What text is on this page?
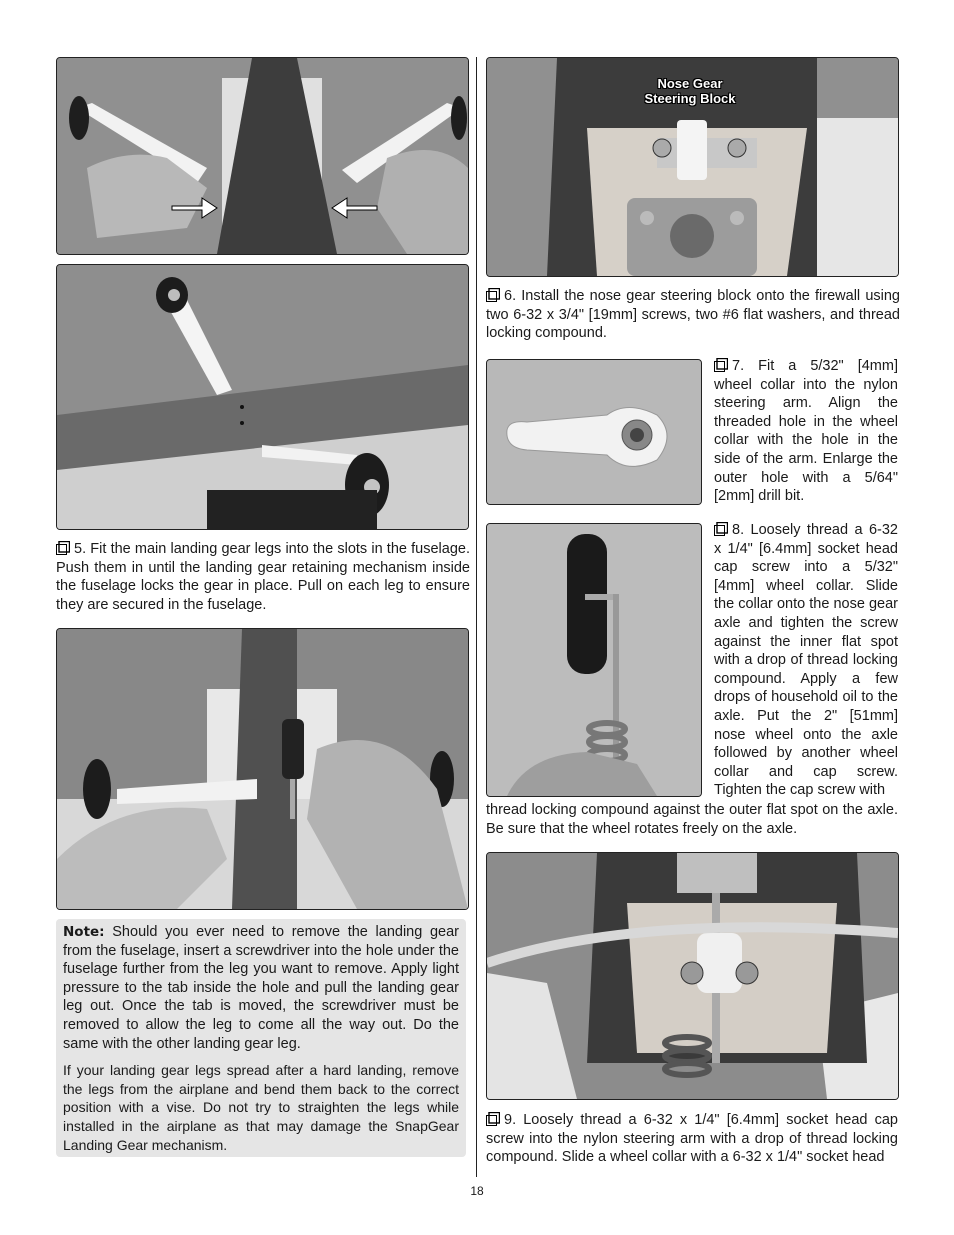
5. Fit the main landing gear legs into the slots in the fuselage. Push them in until the landing gear retaining mechanism inside the fuselage locks the gear in place. Pull on each leg to ensure they are secured in the fuselage.

Note: Should you ever need to remove the landing gear from the fuselage, insert a screwdriver into the hole under the fuselage further from the leg you want to remove. Apply light pressure to the tab inside the hole and pull the landing gear leg out. Once the tab is moved, the screwdriver must be removed to allow the leg to come all the way out. Do the same with the other landing gear leg.

If your landing gear legs spread after a hard landing, remove the legs from the airplane and bend them back to the correct position with a vise. Do not try to straighten the legs while installed in the airplane as that may damage the SnapGear Landing Gear mechanism.

Nose Gear
Steering Block

6. Install the nose gear steering block onto the firewall using two 6-32 x 3/4" [19mm] screws, two #6 flat washers, and thread locking compound.

7. Fit a 5/32" [4mm] wheel collar into the nylon steering arm. Align the threaded hole in the wheel collar with the hole in the side of the arm. Enlarge the outer hole with a 5/64" [2mm] drill bit.

8. Loosely thread a 6-32 x 1/4" [6.4mm] socket head cap screw into a 5/32" [4mm] wheel collar. Slide the collar onto the nose gear axle and tighten the screw against the inner flat spot with a drop of thread locking compound. Apply a few drops of household oil to the axle. Put the 2" [51mm] nose wheel onto the axle followed by another wheel collar and cap screw. Tighten the cap screw with

thread locking compound against the outer flat spot on the axle. Be sure that the wheel rotates freely on the axle.

9. Loosely thread a 6-32 x 1/4" [6.4mm] socket head cap screw into the nylon steering arm with a drop of thread locking compound. Slide a wheel collar with a 6-32 x 1/4" socket head

18
